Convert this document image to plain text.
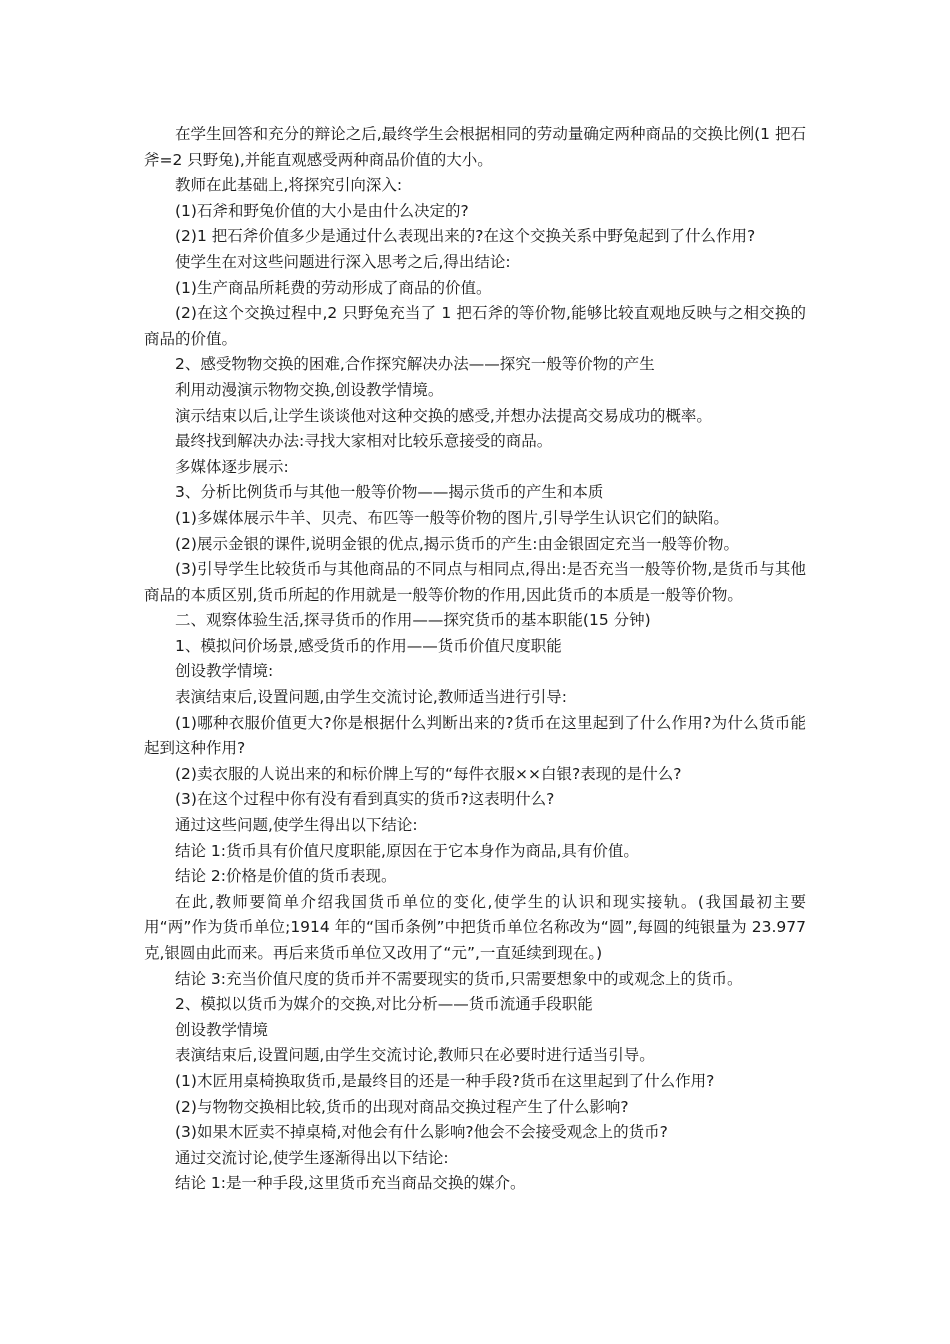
在学生回答和充分的辩论之后,最终学生会根据相同的劳动量确定两种商品的交换比例(1 把石斧=2 只野兔),并能直观感受两种商品价值的大小。

教师在此基础上,将探究引向深入:

(1)石斧和野兔价值的大小是由什么决定的?

(2)1 把石斧价值多少是通过什么表现出来的?在这个交换关系中野兔起到了什么作用?

使学生在对这些问题进行深入思考之后,得出结论:

(1)生产商品所耗费的劳动形成了商品的价值。

(2)在这个交换过程中,2 只野兔充当了 1 把石斧的等价物,能够比较直观地反映与之相交换的商品的价值。

2、感受物物交换的困难,合作探究解决办法——探究一般等价物的产生

利用动漫演示物物交换,创设教学情境。

演示结束以后,让学生谈谈他对这种交换的感受,并想办法提高交易成功的概率。

最终找到解决办法:寻找大家相对比较乐意接受的商品。

多媒体逐步展示:

3、分析比例货币与其他一般等价物——揭示货币的产生和本质

(1)多媒体展示牛羊、贝壳、布匹等一般等价物的图片,引导学生认识它们的缺陷。

(2)展示金银的课件,说明金银的优点,揭示货币的产生:由金银固定充当一般等价物。

(3)引导学生比较货币与其他商品的不同点与相同点,得出:是否充当一般等价物,是货币与其他商品的本质区别,货币所起的作用就是一般等价物的作用,因此货币的本质是一般等价物。

二、观察体验生活,探寻货币的作用——探究货币的基本职能(15 分钟)

1、模拟问价场景,感受货币的作用——货币价值尺度职能

创设教学情境:

表演结束后,设置问题,由学生交流讨论,教师适当进行引导:

(1)哪种衣服价值更大?你是根据什么判断出来的?货币在这里起到了什么作用?为什么货币能起到这种作用?

(2)卖衣服的人说出来的和标价牌上写的“每件衣服××白银?表现的是什么?

(3)在这个过程中你有没有看到真实的货币?这表明什么?

通过这些问题,使学生得出以下结论:

结论 1:货币具有价值尺度职能,原因在于它本身作为商品,具有价值。

结论 2:价格是价值的货币表现。

在此,教师要简单介绍我国货币单位的变化,使学生的认识和现实接轨。(我国最初主要用“两”作为货币单位;1914 年的“国币条例”中把货币单位名称改为“圆”,每圆的纯银量为 23.977 克,银圆由此而来。再后来货币单位又改用了“元”,一直延续到现在。)

结论 3:充当价值尺度的货币并不需要现实的货币,只需要想象中的或观念上的货币。

2、模拟以货币为媒介的交换,对比分析——货币流通手段职能

创设教学情境

表演结束后,设置问题,由学生交流讨论,教师只在必要时进行适当引导。

(1)木匠用桌椅换取货币,是最终目的还是一种手段?货币在这里起到了什么作用?

(2)与物物交换相比较,货币的出现对商品交换过程产生了什么影响?

(3)如果木匠卖不掉桌椅,对他会有什么影响?他会不会接受观念上的货币?

通过交流讨论,使学生逐渐得出以下结论:

结论 1:是一种手段,这里货币充当商品交换的媒介。
